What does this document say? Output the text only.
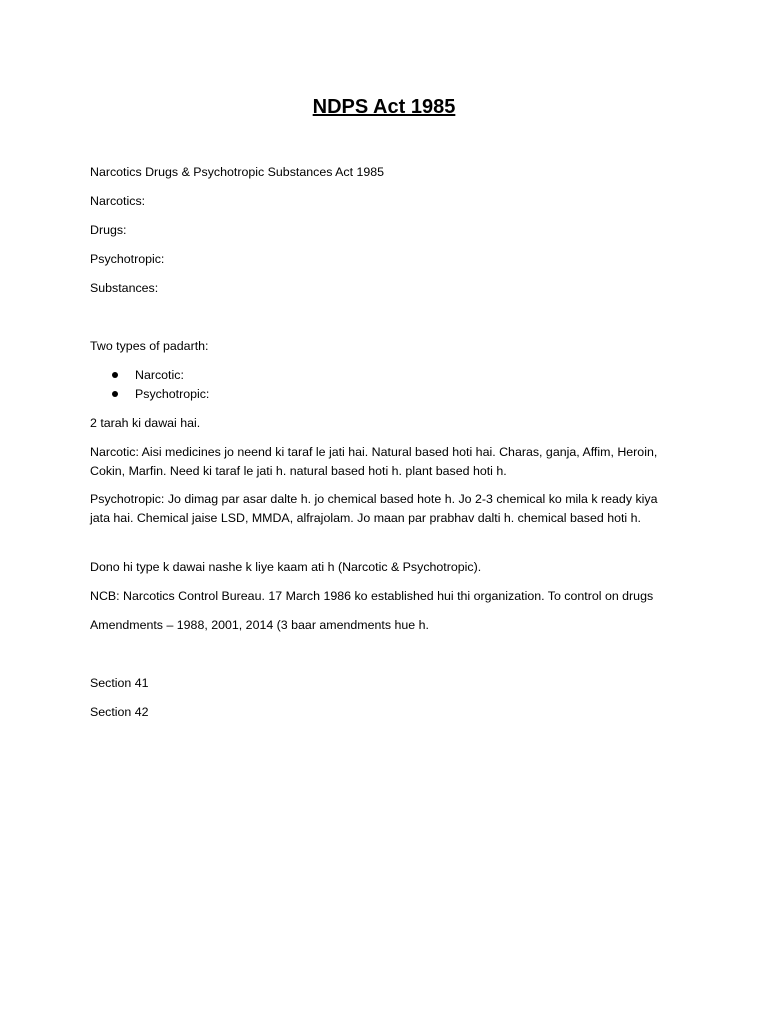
NDPS Act 1985

Narcotics Drugs & Psychotropic Substances Act 1985

Narcotics:

Drugs:

Psychotropic:

Substances:

Two types of padarth:

Narcotic:
Psychotropic:

2 tarah ki dawai hai.

Narcotic: Aisi medicines jo neend ki taraf le jati hai. Natural based hoti hai. Charas, ganja, Affim, Heroin, Cokin, Marfin. Need ki taraf le jati h. natural based hoti h. plant based hoti h.

Psychotropic: Jo dimag par asar dalte h. jo chemical based hote h. Jo 2-3 chemical ko mila k ready kiya jata hai. Chemical jaise LSD, MMDA, alfrajolam. Jo maan par prabhav dalti h. chemical based hoti h.

Dono hi type k dawai nashe k liye kaam ati h (Narcotic & Psychotropic).

NCB: Narcotics Control Bureau. 17 March 1986 ko established hui thi organization. To control on drugs

Amendments – 1988, 2001, 2014 (3 baar amendments hue h.

Section 41

Section 42
